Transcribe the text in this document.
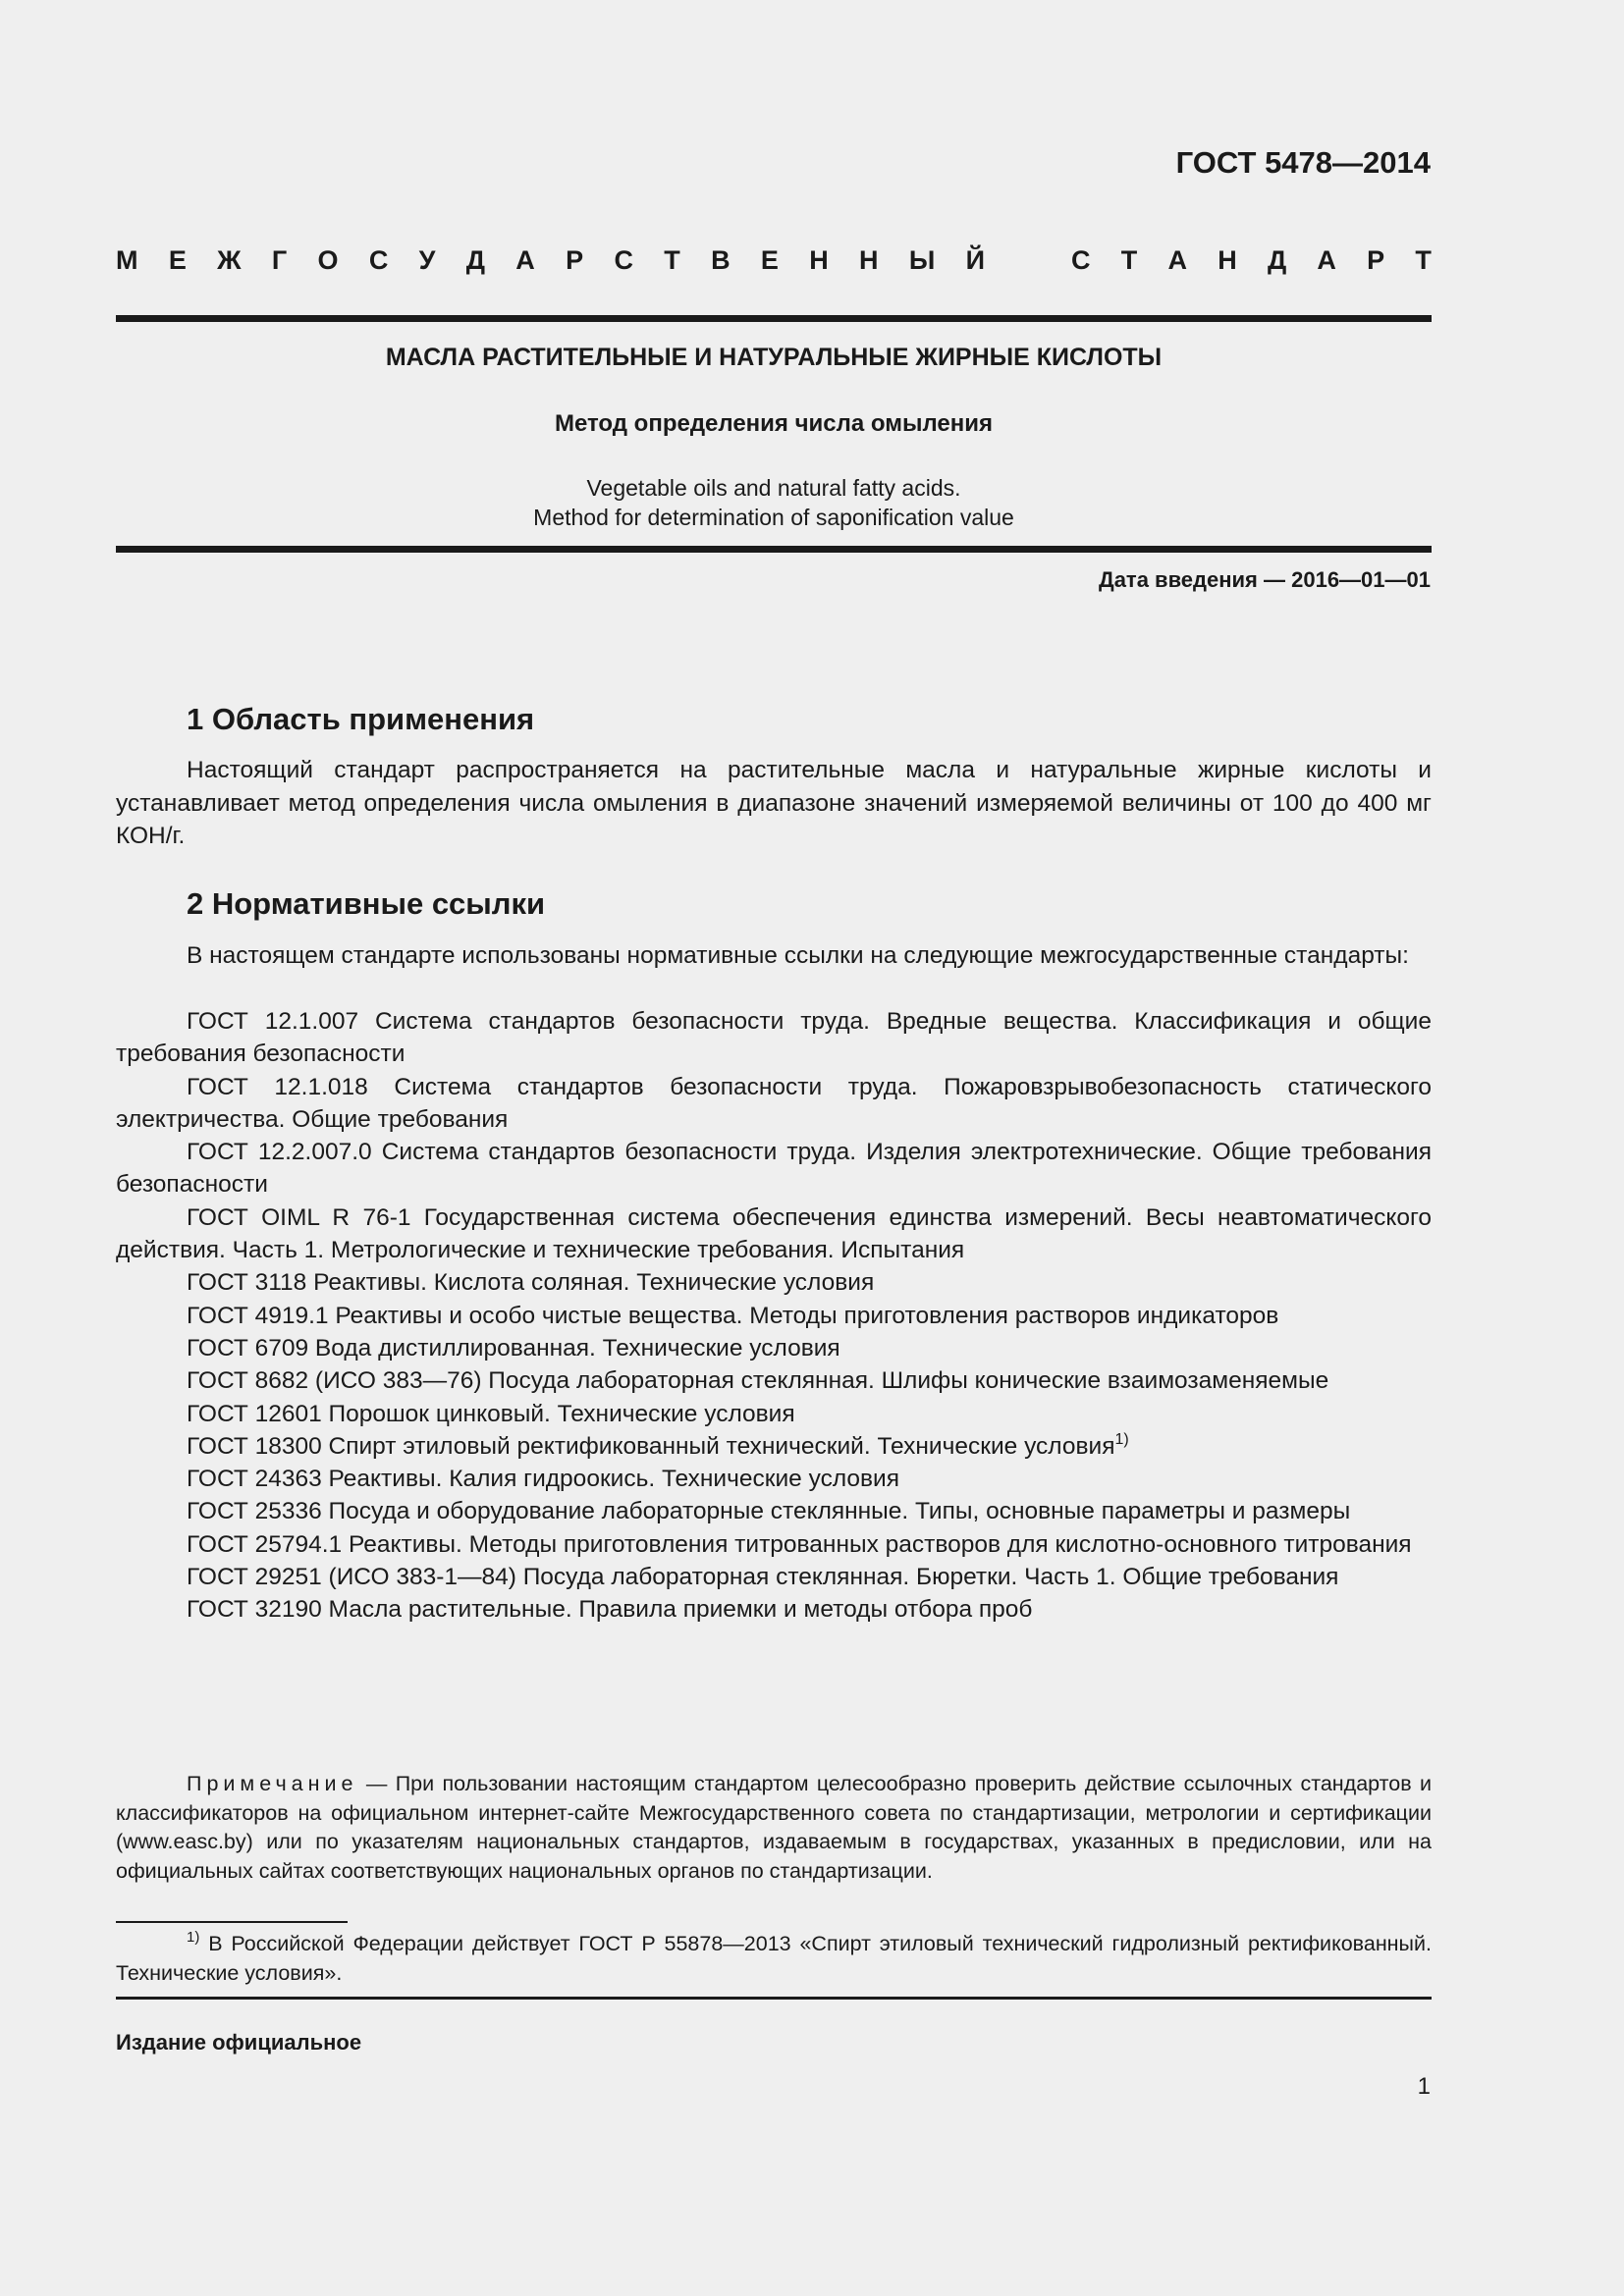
ГОСТ 5478—2014
М Е Ж Г О С У Д А Р С Т В Е Н Н Ы Й	С Т А Н Д А Р Т
МАСЛА РАСТИТЕЛЬНЫЕ И НАТУРАЛЬНЫЕ ЖИРНЫЕ КИСЛОТЫ
Метод определения числа омыления
Vegetable oils and natural fatty acids.
Method for determination of saponification value
Дата введения — 2016—01—01
1 Область применения
Настоящий стандарт распространяется на растительные масла и натуральные жирные кислоты и устанавливает метод определения числа омыления в диапазоне значений измеряемой величины от 100 до 400 мг КОН/г.
2 Нормативные ссылки
В настоящем стандарте использованы нормативные ссылки на следующие межгосударственные стандарты:
ГОСТ 12.1.007 Система стандартов безопасности труда. Вредные вещества. Классификация и общие требования безопасности
ГОСТ 12.1.018 Система стандартов безопасности труда. Пожаровзрывобезопасность статического электричества. Общие требования
ГОСТ 12.2.007.0 Система стандартов безопасности труда. Изделия электротехнические. Общие требования безопасности
ГОСТ OIML R 76-1 Государственная система обеспечения единства измерений. Весы неавтоматического действия. Часть 1. Метрологические и технические требования. Испытания
ГОСТ 3118 Реактивы. Кислота соляная. Технические условия
ГОСТ 4919.1 Реактивы и особо чистые вещества. Методы приготовления растворов индикаторов
ГОСТ 6709 Вода дистиллированная. Технические условия
ГОСТ 8682 (ИСО 383—76) Посуда лабораторная стеклянная. Шлифы конические взаимозаменяемые
ГОСТ 12601 Порошок цинковый. Технические условия
ГОСТ 18300 Спирт этиловый ректификованный технический. Технические условия$^{1)}$
ГОСТ 24363 Реактивы. Калия гидроокись. Технические условия
ГОСТ 25336 Посуда и оборудование лабораторные стеклянные. Типы, основные параметры и размеры
ГОСТ 25794.1 Реактивы. Методы приготовления титрованных растворов для кислотно-основного титрования
ГОСТ 29251 (ИСО 383-1—84) Посуда лабораторная стеклянная. Бюретки. Часть 1. Общие требования
ГОСТ 32190 Масла растительные. Правила приемки и методы отбора проб
Примечание — При пользовании настоящим стандартом целесообразно проверить действие ссылочных стандартов и классификаторов на официальном интернет-сайте Межгосударственного совета по стандартизации, метрологии и сертификации (www.easc.by) или по указателям национальных стандартов, издаваемым в государствах, указанных в предисловии, или на официальных сайтах соответствующих национальных органов по стандартизации.
$^{1)}$ В Российской Федерации действует ГОСТ Р 55878—2013 «Спирт этиловый технический гидролизный ректификованный. Технические условия».
Издание официальное
1
